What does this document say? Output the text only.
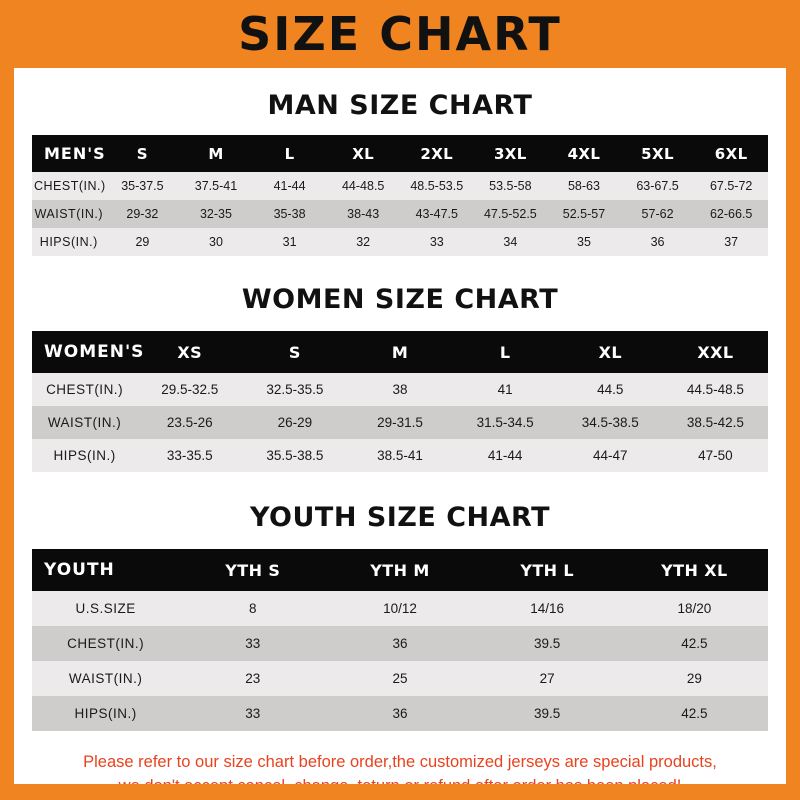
SIZE CHART
MAN SIZE CHART
MEN'S	S	M	L	XL	2XL	3XL	4XL	5XL	6XL
CHEST(IN.)	35-37.5	37.5-41	41-44	44-48.5	48.5-53.5	53.5-58	58-63	63-67.5	67.5-72
WAIST(IN.)	29-32	32-35	35-38	38-43	43-47.5	47.5-52.5	52.5-57	57-62	62-66.5
HIPS(IN.)	29	30	31	32	33	34	35	36	37
WOMEN SIZE CHART
WOMEN'S	XS	S	M	L	XL	XXL
CHEST(IN.)	29.5-32.5	32.5-35.5	38	41	44.5	44.5-48.5
WAIST(IN.)	23.5-26	26-29	29-31.5	31.5-34.5	34.5-38.5	38.5-42.5
HIPS(IN.)	33-35.5	35.5-38.5	38.5-41	41-44	44-47	47-50
YOUTH SIZE CHART
YOUTH	YTH S	YTH M	YTH L	YTH XL
U.S.SIZE	8	10/12	14/16	18/20
CHEST(IN.)	33	36	39.5	42.5
WAIST(IN.)	23	25	27	29
HIPS(IN.)	33	36	39.5	42.5
Please refer to our size chart before order,the customized jerseys are special products,
